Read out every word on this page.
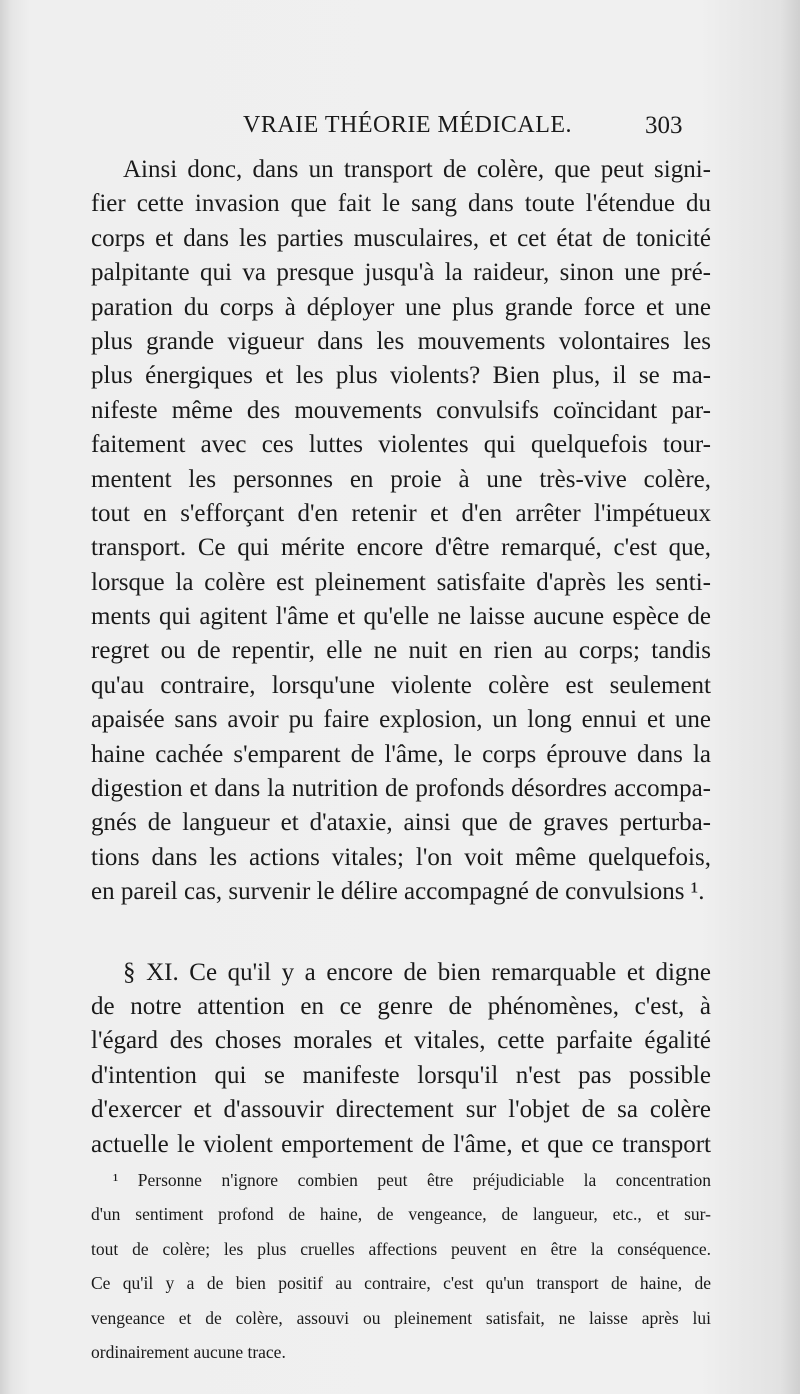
VRAIE THÉORIE MÉDICALE.	303
Ainsi donc, dans un transport de colère, que peut signi-
fier cette invasion que fait le sang dans toute l'étendue du
corps et dans les parties musculaires, et cet état de tonicité
palpitante qui va presque jusqu'à la raideur, sinon une pré-
paration du corps à déployer une plus grande force et une
plus grande vigueur dans les mouvements volontaires les
plus énergiques et les plus violents? Bien plus, il se ma-
nifeste même des mouvements convulsifs coïncidant par-
faitement avec ces luttes violentes qui quelquefois tour-
mentent les personnes en proie à une très-vive colère,
tout en s'efforçant d'en retenir et d'en arrêter l'impétueux
transport. Ce qui mérite encore d'être remarqué, c'est que,
lorsque la colère est pleinement satisfaite d'après les senti-
ments qui agitent l'âme et qu'elle ne laisse aucune espèce de
regret ou de repentir, elle ne nuit en rien au corps; tandis
qu'au contraire, lorsqu'une violente colère est seulement
apaisée sans avoir pu faire explosion, un long ennui et une
haine cachée s'emparent de l'âme, le corps éprouve dans la
digestion et dans la nutrition de profonds désordres accompa-
gnés de langueur et d'ataxie, ainsi que de graves perturba-
tions dans les actions vitales; l'on voit même quelquefois,
en pareil cas, survenir le délire accompagné de convulsions ¹.
§ XI. Ce qu'il y a encore de bien remarquable et digne
de notre attention en ce genre de phénomènes, c'est, à
l'égard des choses morales et vitales, cette parfaite égalité
d'intention qui se manifeste lorsqu'il n'est pas possible
d'exercer et d'assouvir directement sur l'objet de sa colère
actuelle le violent emportement de l'âme, et que ce transport
¹ Personne n'ignore combien peut être préjudiciable la concentration
d'un sentiment profond de haine, de vengeance, de langueur, etc., et sur-
tout de colère; les plus cruelles affections peuvent en être la conséquence.
Ce qu'il y a de bien positif au contraire, c'est qu'un transport de haine, de
vengeance et de colère, assouvi ou pleinement satisfait, ne laisse après lui
ordinairement aucune trace.
